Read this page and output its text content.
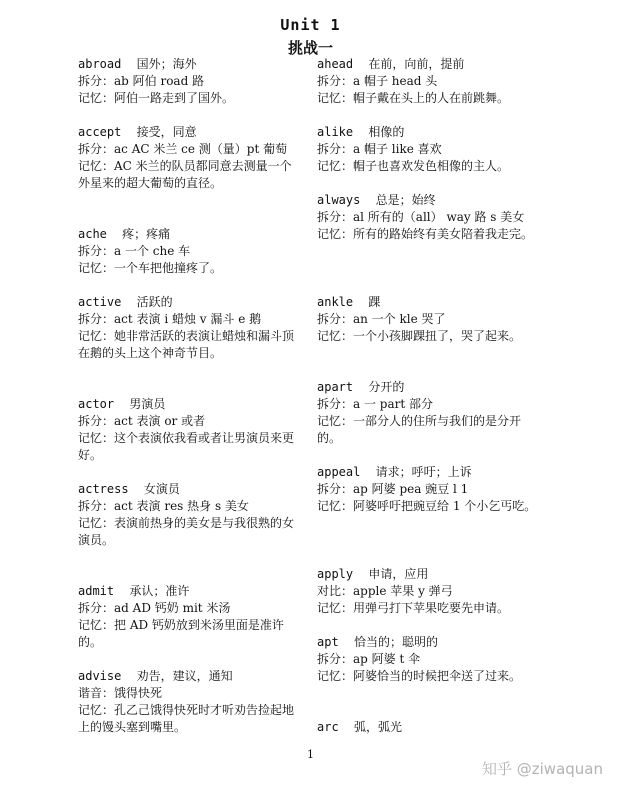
Unit 1
挑战一
abroad 国外；海外
拆分：ab 阿伯 road 路
记忆：阿伯一路走到了国外。
accept 接受，同意
拆分：ac AC 米兰 ce 测（量）pt 葡萄
记忆：AC 米兰的队员都同意去测量一个外星来的超大葡萄的直径。
ache 疼；疼痛
拆分：a 一个 che 车
记忆：一个车把他撞疼了。
active 活跃的
拆分：act 表演 i 蜡烛 v 漏斗 e 鹅
记忆：她非常活跃的表演让蜡烛和漏斗顶在鹅的头上这个神奇节目。
actor 男演员
拆分：act 表演 or 或者
记忆：这个表演依我看或者让男演员来更好。
actress 女演员
拆分：act 表演 res 热身 s 美女
记忆：表演前热身的美女是与我很熟的女演员。
admit 承认；准许
拆分：ad AD 钙奶 mit 米汤
记忆：把 AD 钙奶放到米汤里面是准许的。
advise 劝告，建议，通知
谐音：饿得快死
记忆：孔乙己饿得快死时才听劝告捡起地上的馒头塞到嘴里。
ahead 在前，向前，提前
拆分：a 帽子 head 头
记忆：帽子戴在头上的人在前跳舞。
alike 相像的
拆分：a 帽子 like 喜欢
记忆：帽子也喜欢发色相像的主人。
always 总是；始终
拆分：al 所有的（all） way 路 s 美女
记忆：所有的路始终有美女陪着我走完。
ankle 踝
拆分：an 一个 kle 哭了
记忆：一个小孩脚踝扭了，哭了起来。
apart 分开的
拆分：a 一 part 部分
记忆：一部分人的住所与我们的是分开的。
appeal 请求；呼吁；上诉
拆分：ap 阿婆 pea 豌豆 l 1
记忆：阿婆呼吁把豌豆给 1 个小乞丐吃。
apply 申请，应用
对比：apple 苹果 y 弹弓
记忆：用弹弓打下苹果吃要先申请。
apt 恰当的；聪明的
拆分：ap 阿婆 t 伞
记忆：阿婆恰当的时候把伞送了过来。
arc 弧，弧光
1
知乎 @ziwaquan
